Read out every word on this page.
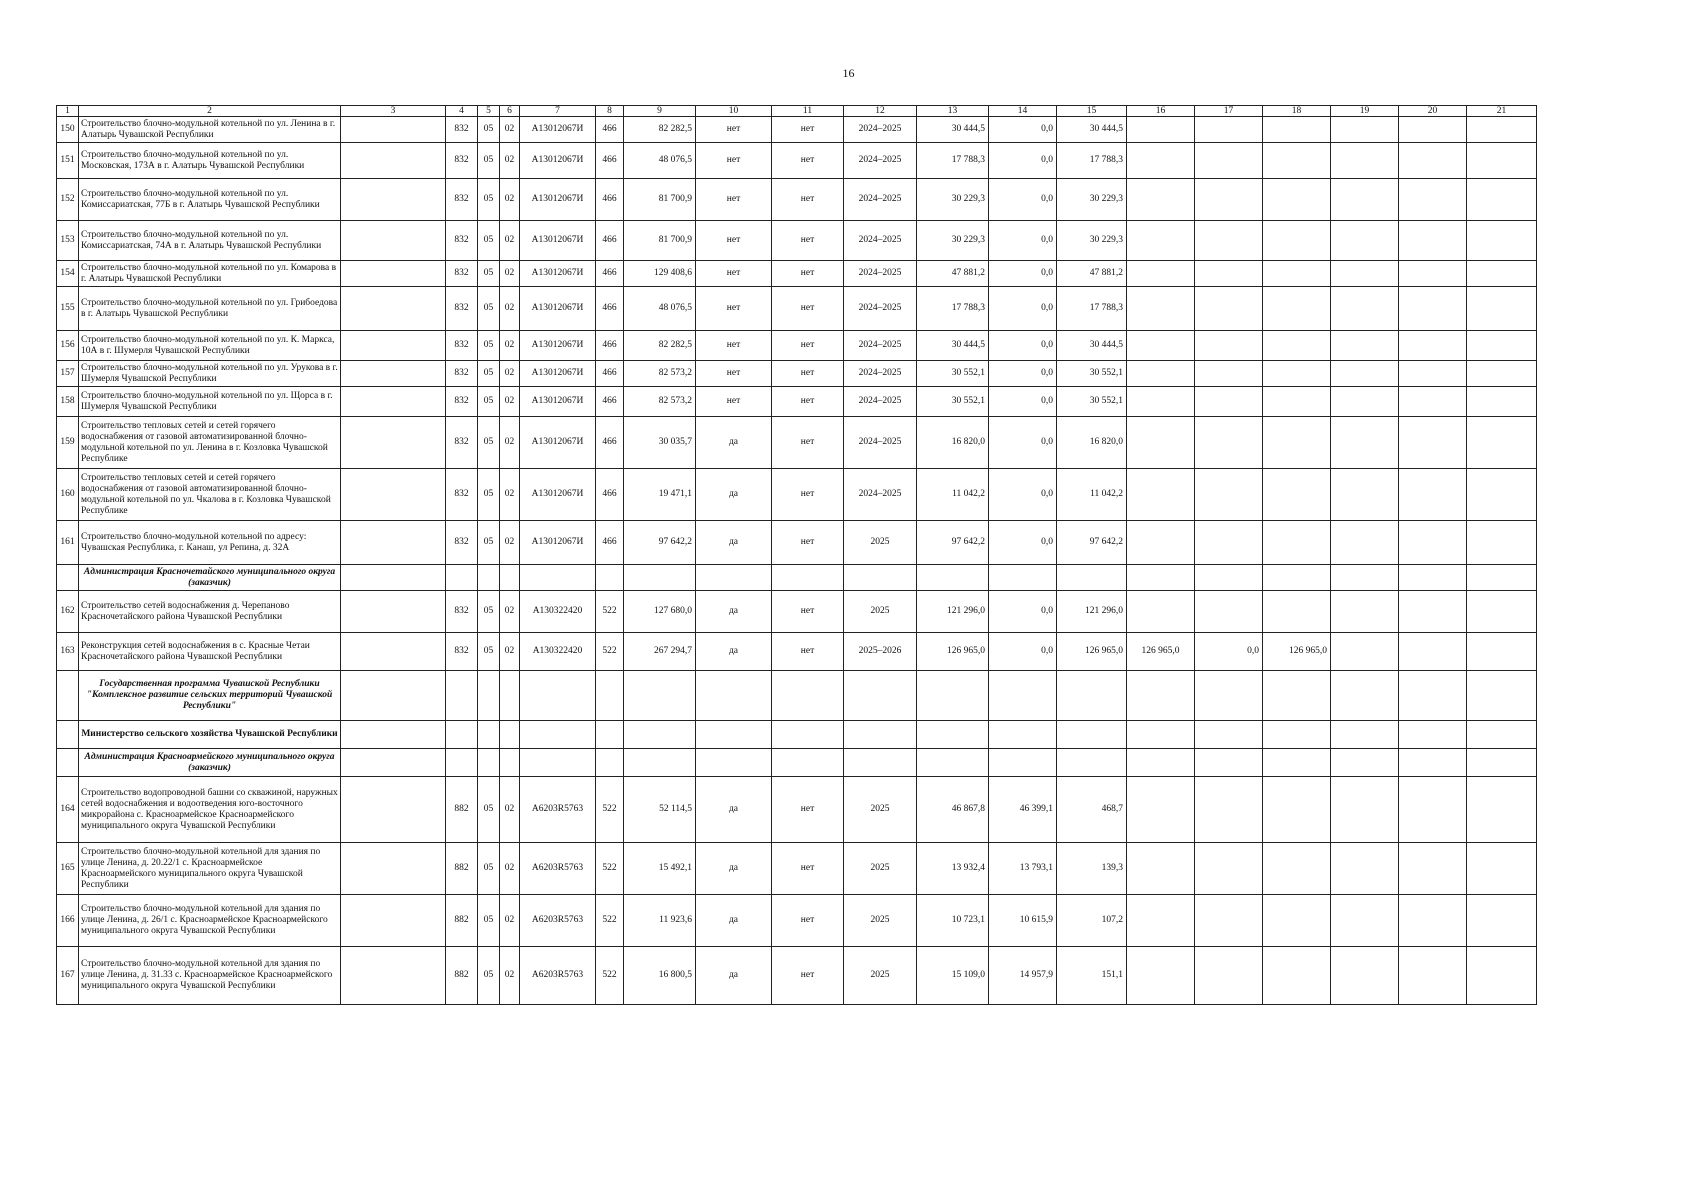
16
1	2	3	4	5	6	7	8	9	10	11	12	13	14	15	16	17	18	19	20	21
150	Строительство блочно-модульной котельной по ул. Ленина в г. Алатырь Чувашской Республики		832	05	02	А13012067И	466	82 282,5	нет	нет	2024–2025	30 444,5	0,0	30 444,5						
151	Строительство блочно-модульной котельной по ул. Московская, 173А в г. Алатырь Чувашской Республики		832	05	02	А13012067И	466	48 076,5	нет	нет	2024–2025	17 788,3	0,0	17 788,3						
152	Строительство блочно-модульной котельной по ул. Комиссариатская, 77Б в г. Алатырь Чувашской Республики		832	05	02	А13012067И	466	81 700,9	нет	нет	2024–2025	30 229,3	0,0	30 229,3						
153	Строительство блочно-модульной котельной по ул. Комиссариатская, 74А в г. Алатырь Чувашской Республики		832	05	02	А13012067И	466	81 700,9	нет	нет	2024–2025	30 229,3	0,0	30 229,3						
154	Строительство блочно-модульной котельной по ул. Комарова в г. Алатырь Чувашской Республики		832	05	02	А13012067И	466	129 408,6	нет	нет	2024–2025	47 881,2	0,0	47 881,2						
155	Строительство блочно-модульной котельной по ул. Грибоедова в г. Алатырь Чувашской Республики		832	05	02	А13012067И	466	48 076,5	нет	нет	2024–2025	17 788,3	0,0	17 788,3						
156	Строительство блочно-модульной котельной по ул. К. Маркса, 10А в г. Шумерля Чувашской Республики		832	05	02	А13012067И	466	82 282,5	нет	нет	2024–2025	30 444,5	0,0	30 444,5						
157	Строительство блочно-модульной котельной по ул. Урукова в г. Шумерля Чувашской Республики		832	05	02	А13012067И	466	82 573,2	нет	нет	2024–2025	30 552,1	0,0	30 552,1						
158	Строительство блочно-модульной котельной по ул. Щорса в г. Шумерля Чувашской Республики		832	05	02	А13012067И	466	82 573,2	нет	нет	2024–2025	30 552,1	0,0	30 552,1						
159	Строительство тепловых сетей и сетей горячего водоснабжения от газовой автоматизированной блочно-модульной котельной по ул. Ленина в г. Козловка Чувашской Республике		832	05	02	А13012067И	466	30 035,7	да	нет	2024–2025	16 820,0	0,0	16 820,0						
160	Строительство тепловых сетей и сетей горячего водоснабжения от газовой автоматизированной блочно-модульной котельной по ул. Чкалова в г. Козловка Чувашской Республике		832	05	02	А13012067И	466	19 471,1	да	нет	2024–2025	11 042,2	0,0	11 042,2						
161	Строительство блочно-модульной котельной по адресу: Чувашская Республика, г. Канаш, ул Репина, д. 32А		832	05	02	А13012067И	466	97 642,2	да	нет	2025	97 642,2	0,0	97 642,2						
	Администрация Красночетайского муниципального округа (заказчик)																			
162	Строительство сетей водоснабжения д. Черепаново Красночетайского района Чувашской Республики		832	05	02	А130322420	522	127 680,0	да	нет	2025	121 296,0	0,0	121 296,0						
163	Реконструкция сетей водоснабжения в с. Красные Четаи Красночетайского района Чувашской Республики		832	05	02	А130322420	522	267 294,7	да	нет	2025–2026	126 965,0	0,0	126 965,0	126 965,0	0,0	126 965,0			
	Государственная программа Чувашской Республики "Комплексное развитие сельских территорий Чувашской Республики"																			
	Министерство сельского хозяйства Чувашской Республики																			
	Администрация Красноармейского муниципального округа (заказчик)																			
164	Строительство водопроводной башни со скважиной, наружных сетей водоснабжения и водоотведения юго-восточного микрорайона с. Красноармейское Красноармейского муниципального округа Чувашской Республики		882	05	02	А6203R5763	522	52 114,5	да	нет	2025	46 867,8	46 399,1	468,7						
165	Строительство блочно-модульной котельной для здания по улице Ленина, д. 20.22/1 с. Красноармейское Красноармейского муниципального округа Чувашской Республики		882	05	02	А6203R5763	522	15 492,1	да	нет	2025	13 932,4	13 793,1	139,3						
166	Строительство блочно-модульной котельной для здания по улице Ленина, д. 26/1 с. Красноармейское Красноармейского муниципального округа Чувашской Республики		882	05	02	А6203R5763	522	11 923,6	да	нет	2025	10 723,1	10 615,9	107,2						
167	Строительство блочно-модульной котельной для здания по улице Ленина, д. 31.33 с. Красноармейское Красноармейского муниципального округа Чувашской Республики		882	05	02	А6203R5763	522	16 800,5	да	нет	2025	15 109,0	14 957,9	151,1						
